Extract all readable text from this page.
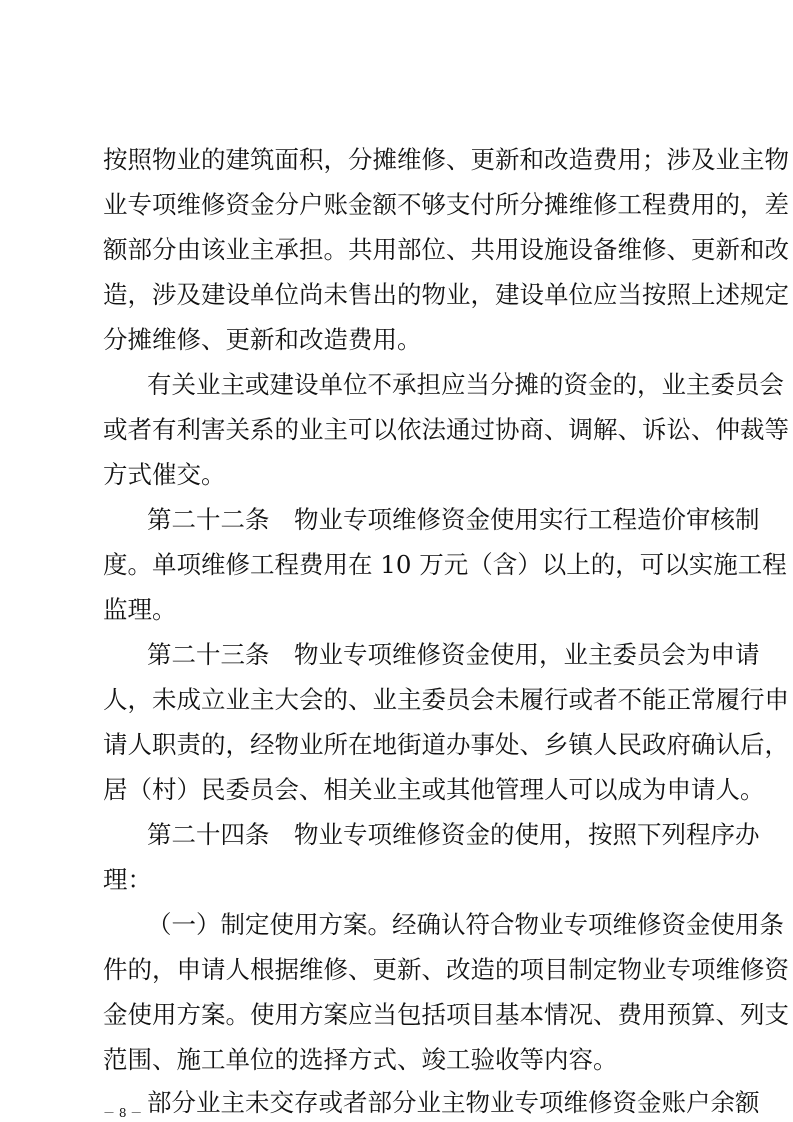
按照物业的建筑面积，分摊维修、更新和改造费用；涉及业主物
业专项维修资金分户账金额不够支付所分摊维修工程费用的，差
额部分由该业主承担。共用部位、共用设施设备维修、更新和改
造，涉及建设单位尚未售出的物业，建设单位应当按照上述规定
分摊维修、更新和改造费用。
有关业主或建设单位不承担应当分摊的资金的，业主委员会
或者有利害关系的业主可以依法通过协商、调解、诉讼、仲裁等
方式催交。
第二十二条　物业专项维修资金使用实行工程造价审核制
度。单项维修工程费用在 10 万元（含）以上的，可以实施工程
监理。
第二十三条　物业专项维修资金使用，业主委员会为申请
人，未成立业主大会的、业主委员会未履行或者不能正常履行申
请人职责的，经物业所在地街道办事处、乡镇人民政府确认后，
居（村）民委员会、相关业主或其他管理人可以成为申请人。
第二十四条　物业专项维修资金的使用，按照下列程序办
理：
（一）制定使用方案。经确认符合物业专项维修资金使用条
件的，申请人根据维修、更新、改造的项目制定物业专项维修资
金使用方案。使用方案应当包括项目基本情况、费用预算、列支
范围、施工单位的选择方式、竣工验收等内容。
部分业主未交存或者部分业主物业专项维修资金账户余额
－ 8 －
